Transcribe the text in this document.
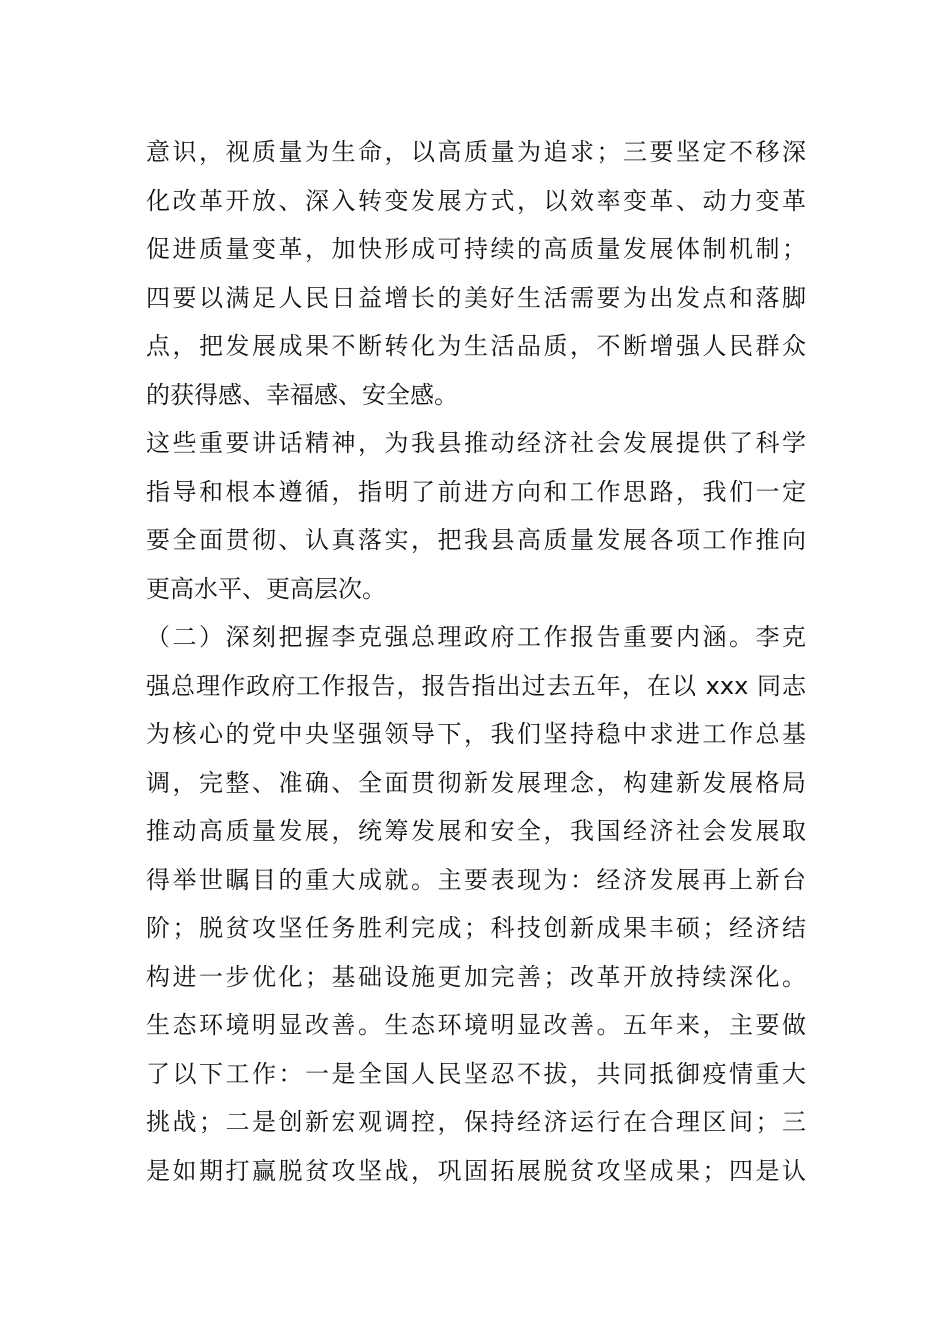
意识，视质量为生命，以高质量为追求；三要坚定不移深
化改革开放、深入转变发展方式，以效率变革、动力变革
促进质量变革，加快形成可持续的高质量发展体制机制；
四要以满足人民日益增长的美好生活需要为出发点和落脚
点，把发展成果不断转化为生活品质，不断增强人民群众
的获得感、幸福感、安全感。
这些重要讲话精神，为我县推动经济社会发展提供了科学
指导和根本遵循，指明了前进方向和工作思路，我们一定
要全面贯彻、认真落实，把我县高质量发展各项工作推向
更高水平、更高层次。
（二）深刻把握李克强总理政府工作报告重要内涵。李克
强总理作政府工作报告，报告指出过去五年，在以 xxx 同志
为核心的党中央坚强领导下，我们坚持稳中求进工作总基
调，完整、准确、全面贯彻新发展理念，构建新发展格局
推动高质量发展，统筹发展和安全，我国经济社会发展取
得举世瞩目的重大成就。主要表现为：经济发展再上新台
阶；脱贫攻坚任务胜利完成；科技创新成果丰硕；经济结
构进一步优化；基础设施更加完善；改革开放持续深化。
生态环境明显改善。生态环境明显改善。五年来，主要做
了以下工作：一是全国人民坚忍不拔，共同抵御疫情重大
挑战；二是创新宏观调控，保持经济运行在合理区间；三
是如期打赢脱贫攻坚战，巩固拓展脱贫攻坚成果；四是认
